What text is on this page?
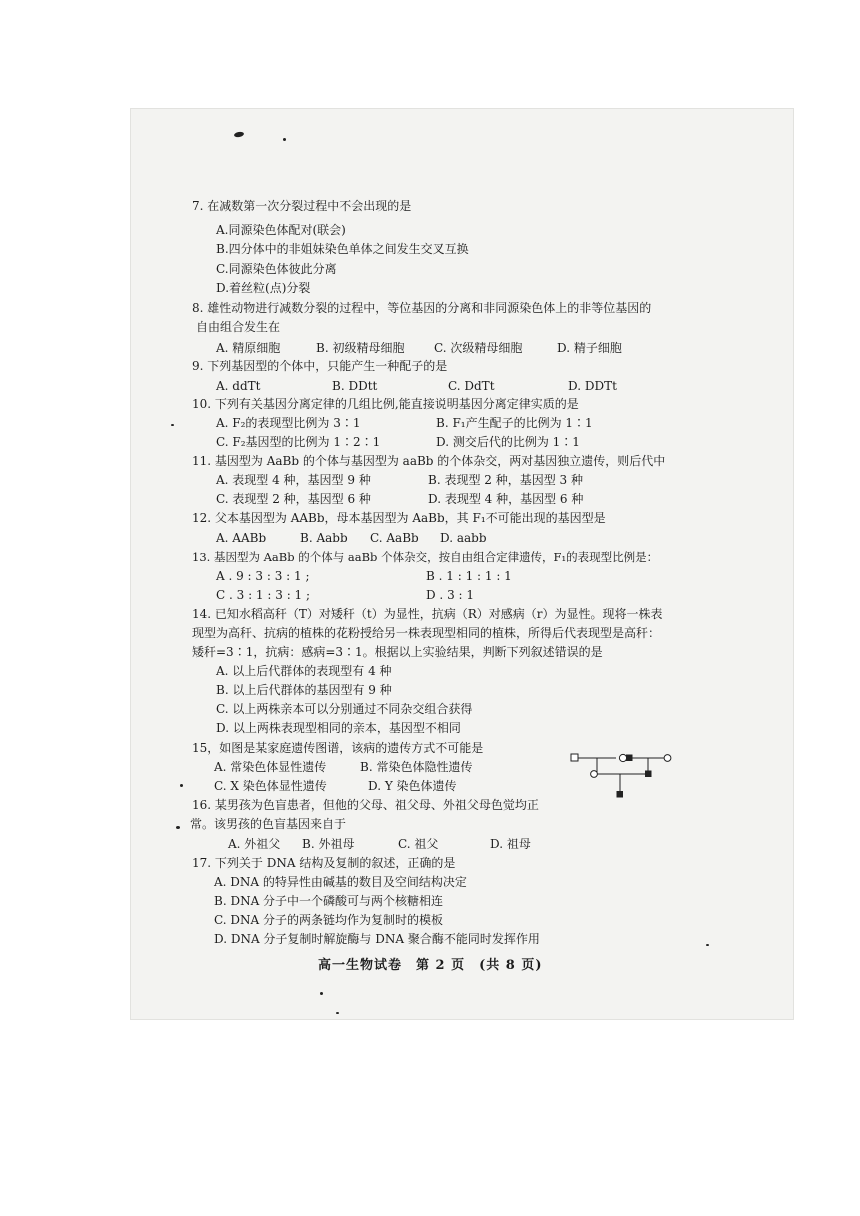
7. 在减数第一次分裂过程中不会出现的是
A.同源染色体配对(联会)
B.四分体中的非姐妹染色单体之间发生交叉互换
C.同源染色体彼此分离
D.着丝粒(点)分裂
8. 雄性动物进行减数分裂的过程中，等位基因的分离和非同源染色体上的非等位基因的
自由组合发生在
A. 精原细胞	B. 初级精母细胞 C. 次级精母细胞	D. 精子细胞
9. 下列基因型的个体中，只能产生一种配子的是
A. ddTt	B. DDtt	C. DdTt	D. DDTt
10. 下列有关基因分离定律的几组比例,能直接说明基因分离定律实质的是
A. F₂的表现型比例为 3∶1	B. F₁产生配子的比例为 1∶1
C. F₂基因型的比例为 1∶2∶1	D. 测交后代的比例为 1∶1
11. 基因型为 AaBb 的个体与基因型为 aaBb 的个体杂交，两对基因独立遗传，则后代中
A. 表现型 4 种，基因型 9 种	B. 表现型 2 种，基因型 3 种
C. 表现型 2 种，基因型 6 种	D. 表现型 4 种，基因型 6 种
12. 父本基因型为 AABb，母本基因型为 AaBb，其 F₁不可能出现的基因型是
A. AABb	B. Aabb C. AaBb D. aabb
13. 基因型为 AaBb 的个体与 aaBb 个体杂交，按自由组合定律遗传，F₁的表现型比例是：
A . 9 : 3 : 3 : 1 ;	B . 1 : 1 : 1 : 1
C . 3 : 1 : 3 : 1 ;	D . 3 : 1
14. 已知水稻高秆（T）对矮秆（t）为显性，抗病（R）对感病（r）为显性。现将一株表
现型为高秆、抗病的植株的花粉授给另一株表现型相同的植株，所得后代表现型是高秆：
矮秆=3∶1，抗病：感病=3∶1。根据以上实验结果，判断下列叙述错误的是
A. 以上后代群体的表现型有 4 种
B. 以上后代群体的基因型有 9 种
C. 以上两株亲本可以分别通过不同杂交组合获得
D. 以上两株表现型相同的亲本，基因型不相同
15，如图是某家庭遗传图谱，该病的遗传方式不可能是
A. 常染色体显性遗传	B. 常染色体隐性遗传
C. X 染色体显性遗传	D. Y 染色体遗传
16. 某男孩为色盲患者，但他的父母、祖父母、外祖父母色觉均正
常。该男孩的色盲基因来自于
A. 外祖父 B. 外祖母	C. 祖父	D. 祖母
17. 下列关于 DNA 结构及复制的叙述，正确的是
A. DNA 的特异性由碱基的数目及空间结构决定
B. DNA 分子中一个磷酸可与两个核糖相连
C. DNA 分子的两条链均作为复制时的模板
D. DNA 分子复制时解旋酶与 DNA 聚合酶不能同时发挥作用
高一生物试卷　第 2 页　(共 8 页)
